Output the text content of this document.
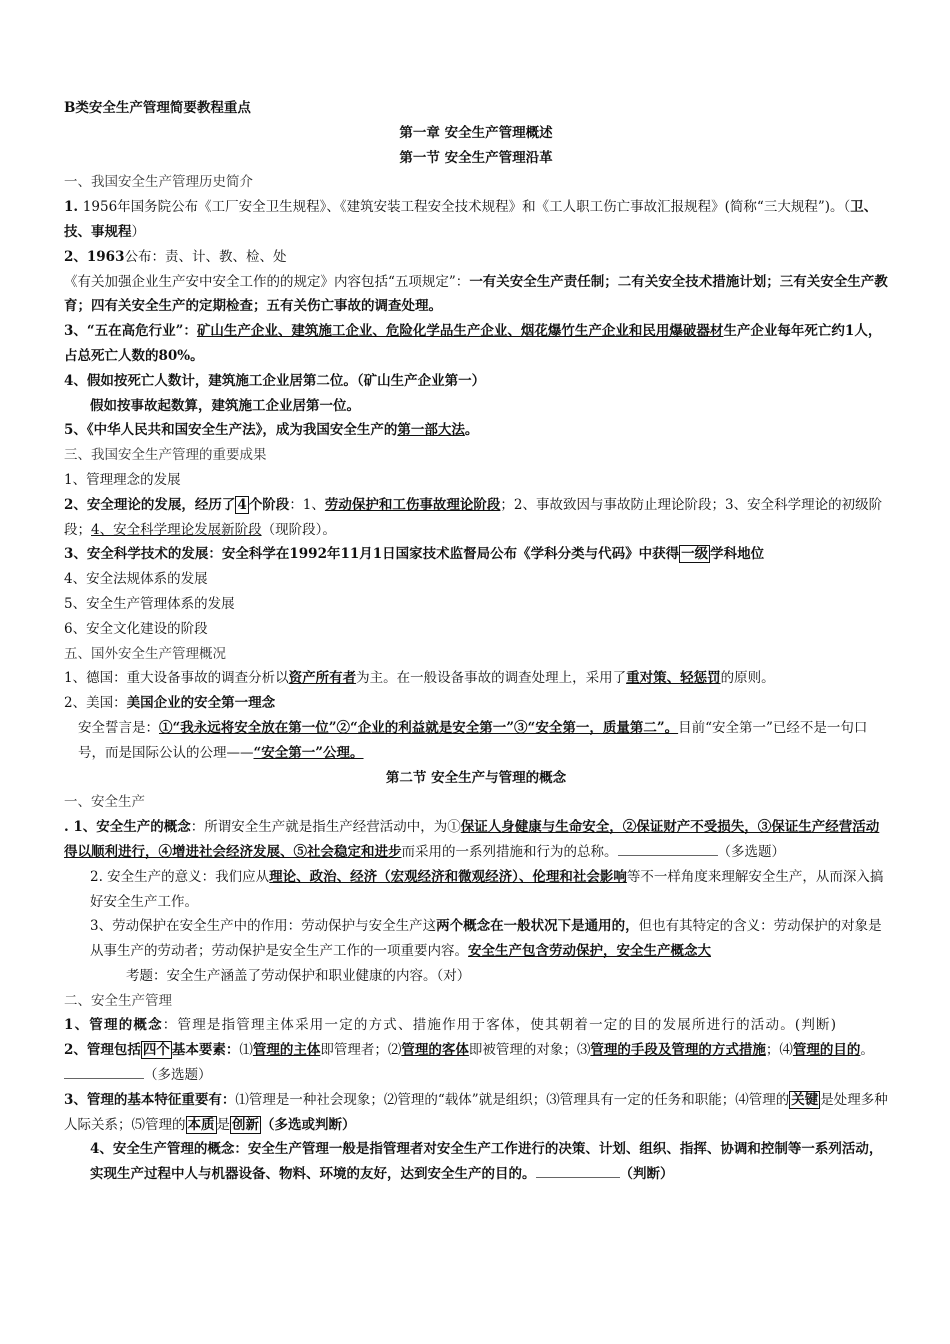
B类安全生产管理简要教程重点

第一章 安全生产管理概述

第一节 安全生产管理沿革

一、我国安全生产管理历史简介

1. 1956年国务院公布《工厂安全卫生规程》、《建筑安装工程安全技术规程》和《工人职工伤亡事故汇报规程》(简称“三大规程”)。（卫、技、事规程）

2、1963公布：责、计、教、检、处

《有关加强企业生产安中安全工作的的规定》内容包括“五项规定”：一有关安全生产责任制；二有关安全技术措施计划；三有关安全生产教育；四有关安全生产的定期检查；五有关伤亡事故的调查处理。

3、“五在高危行业”：矿山生产企业、建筑施工企业、危险化学品生产企业、烟花爆竹生产企业和民用爆破器材生产企业每年死亡约1人，占总死亡人数的80%。

4、假如按死亡人数计，建筑施工企业居第二位。（矿山生产企业第一）

假如按事故起数算，建筑施工企业居第一位。

5、《中华人民共和国安全生产法》，成为我国安全生产的第一部大法。

三、我国安全生产管理的重要成果

1、管理理念的发展

2、安全理论的发展，经历了 4 个阶段：1、劳动保护和工伤事故理论阶段；2、事故致因与事故防止理论阶段；3、安全科学理论的初级阶段；4、安全科学理论发展新阶段（现阶段）。

3、安全科学技术的发展：安全科学在1992年11月1日国家技术监督局公布《学科分类与代码》中获得 一级 学科地位

4、安全法规体系的发展

5、安全生产管理体系的发展

6、安全文化建设的阶段

五、国外安全生产管理概况

1、德国：重大设备事故的调查分析以资产所有者为主。在一般设备事故的调查处理上，采用了重对策、轻惩罚的原则。

2、美国：美国企业的安全第一理念

安全誓言是：①“我永远将安全放在第一位”②“企业的利益就是安全第一”③“安全第一，质量第二”。目前“安全第一”已经不是一句口号，而是国际公认的公理——“安全第一”公理。

第二节 安全生产与管理的概念

一、安全生产

. 1、安全生产的概念：所谓安全生产就是指生产经营活动中，为①保证人身健康与生命安全，②保证财产不受损失，③保证生产经营活动得以顺利进行，④增进社会经济发展、⑤社会稳定和进步而采用的一系列措施和行为的总称。	（多选题）

2. 安全生产的意义：我们应从理论、政治、经济（宏观经济和微观经济）、伦理和社会影响等不一样角度来理解安全生产，从而深入搞好安全生产工作。

3、劳动保护在安全生产中的作用：劳动保护与安全生产这两个概念在一般状况下是通用的，但也有其特定的含义：劳动保护的对象是从事生产的劳动者；劳动保护是安全生产工作的一项重要内容。安全生产包含劳动保护，安全生产概念大

考题：安全生产涵盖了劳动保护和职业健康的内容。（对）

二、安全生产管理

1、管理的概念：管理是指管理主体采用一定的方式、措施作用于客体，使其朝着一定的目的发展所进行的活动。(判断)

2、管理包括 四个 基本要素：⑴管理的主体即管理者；⑵管理的客体即被管理的对象；⑶管理的手段及管理的方式措施；⑷管理的目的。（多选题）

3、管理的基本特征重要有：⑴管理是一种社会现象；⑵管理的“载体”就是组织；⑶管理具有一定的任务和职能；⑷管理的 关键 是处理多种人际关系；⑸管理的 本质 是 创新 （多选或判断）

4、安全生产管理的概念：安全生产管理一般是指管理者对安全生产工作进行的决策、计划、组织、指挥、协调和控制等一系列活动，实现生产过程中人与机器设备、物料、环境的友好，达到安全生产的目的。	（判断）
